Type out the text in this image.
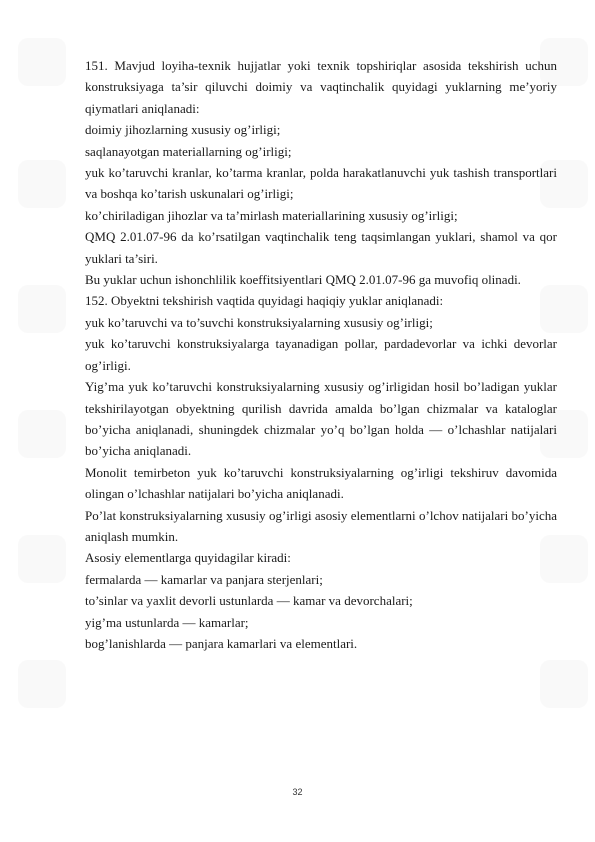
151. Mavjud loyiha-texnik hujjatlar yoki texnik topshiriqlar asosida tekshirish uchun konstruksiyaga ta’sir qiluvchi doimiy va vaqtinchalik quyidagi yuklarning me’yoriy qiymatlari aniqlanadi:

doimiy jihozlarning xususiy og’irligi;

saqlanayotgan materiallarning og’irligi;

yuk ko’taruvchi kranlar, ko’tarma kranlar, polda harakatlanuvchi yuk tashish transportlari va boshqa ko’tarish uskunalari og’irligi;

ko’chiriladigan jihozlar va ta’mirlash materiallarining xususiy og’irligi;

QMQ 2.01.07-96 da ko’rsatilgan vaqtinchalik teng taqsimlangan yuklari, shamol va qor yuklari ta’siri.

Bu yuklar uchun ishonchlilik koeffitsiyentlari QMQ 2.01.07-96 ga muvofiq olinadi.

152. Obyektni tekshirish vaqtida quyidagi haqiqiy yuklar aniqlanadi:

yuk ko’taruvchi va to’suvchi konstruksiyalarning xususiy og’irligi;

yuk ko’taruvchi konstruksiyalarga tayanadigan pollar, pardadevorlar va ichki devorlar og’irligi.

Yig’ma yuk ko’taruvchi konstruksiyalarning xususiy og’irligidan hosil bo’ladigan yuklar tekshirilayotgan obyektning qurilish davrida amalda bo’lgan chizmalar va kataloglar bo’yicha aniqlanadi, shuningdek chizmalar yo’q bo’lgan holda — o’lchashlar natijalari bo’yicha aniqlanadi.

Monolit temirbeton yuk ko’taruvchi konstruksiyalarning og’irligi tekshiruv davomida olingan o’lchashlar natijalari bo’yicha aniqlanadi.

Po’lat konstruksiyalarning xususiy og’irligi asosiy elementlarni o’lchov natijalari bo’yicha aniqlash mumkin.

Asosiy elementlarga quyidagilar kiradi:

fermalarda — kamarlar va panjara sterjenlari;

to’sinlar va yaxlit devorli ustunlarda — kamar va devorchalari;

yig’ma ustunlarda — kamarlar;

bog’lanishlarda — panjara kamarlari va elementlari.

32
